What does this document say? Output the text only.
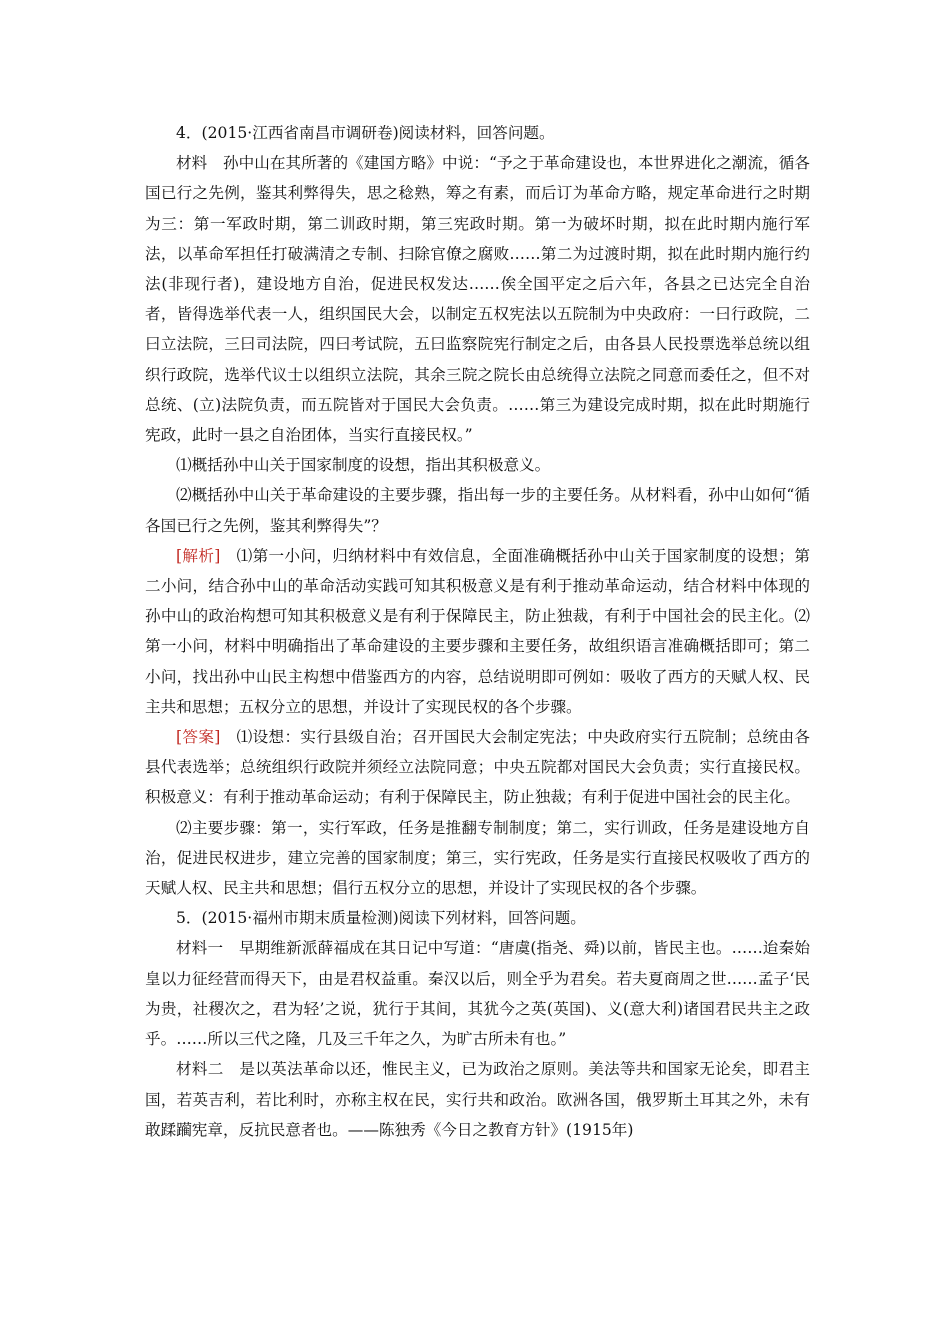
4．(2015·江西省南昌市调研卷)阅读材料，回答问题。

材料　孙中山在其所著的《建国方略》中说：“予之于革命建设也，本世界进化之潮流，循各国已行之先例，鉴其利弊得失，思之稔熟，筹之有素，而后订为革命方略，规定革命进行之时期为三：第一军政时期，第二训政时期，第三宪政时期。第一为破坏时期，拟在此时期内施行军法，以革命军担任打破满清之专制、扫除官僚之腐败……第二为过渡时期，拟在此时期内施行约法(非现行者)，建设地方自治，促进民权发达……俟全国平定之后六年，各县之已达完全自治者，皆得选举代表一人，组织国民大会，以制定五权宪法以五院制为中央政府：一曰行政院，二曰立法院，三曰司法院，四曰考试院，五曰监察院宪行制定之后，由各县人民投票选举总统以组织行政院，选举代议士以组织立法院，其余三院之院长由总统得立法院之同意而委任之，但不对总统、(立)法院负责，而五院皆对于国民大会负责。……第三为建设完成时期，拟在此时期施行宪政，此时一县之自治团体，当实行直接民权。”

⑴概括孙中山关于国家制度的设想，指出其积极意义。

⑵概括孙中山关于革命建设的主要步骤，指出每一步的主要任务。从材料看，孙中山如何“循各国已行之先例，鉴其利弊得失”？

[解析]　⑴第一小问，归纳材料中有效信息，全面准确概括孙中山关于国家制度的设想；第二小问，结合孙中山的革命活动实践可知其积极意义是有利于推动革命运动，结合材料中体现的孙中山的政治构想可知其积极意义是有利于保障民主，防止独裁，有利于中国社会的民主化。⑵第一小问，材料中明确指出了革命建设的主要步骤和主要任务，故组织语言准确概括即可；第二小问，找出孙中山民主构想中借鉴西方的内容，总结说明即可例如：吸收了西方的天赋人权、民主共和思想；五权分立的思想，并设计了实现民权的各个步骤。

[答案]　⑴设想：实行县级自治；召开国民大会制定宪法；中央政府实行五院制；总统由各县代表选举；总统组织行政院并须经立法院同意；中央五院都对国民大会负责；实行直接民权。积极意义：有利于推动革命运动；有利于保障民主，防止独裁；有利于促进中国社会的民主化。

⑵主要步骤：第一，实行军政，任务是推翻专制制度；第二，实行训政，任务是建设地方自治，促进民权进步，建立完善的国家制度；第三，实行宪政，任务是实行直接民权吸收了西方的天赋人权、民主共和思想；倡行五权分立的思想，并设计了实现民权的各个步骤。

5．(2015·福州市期末质量检测)阅读下列材料，回答问题。

材料一　早期维新派薛福成在其日记中写道：“唐虞(指尧、舜)以前，皆民主也。……迨秦始皇以力征经营而得天下，由是君权益重。秦汉以后，则全乎为君矣。若夫夏商周之世……孟子‘民为贵，社稷次之，君为轻’之说，犹行于其间，其犹今之英(英国)、义(意大利)诸国君民共主之政乎。……所以三代之隆，几及三千年之久，为旷古所未有也。”

材料二　是以英法革命以还，惟民主义，已为政治之原则。美法等共和国家无论矣，即君主国，若英吉利，若比利时，亦称主权在民，实行共和政治。欧洲各国，俄罗斯土耳其之外，未有敢蹂躏宪章，反抗民意者也。——陈独秀《今日之教育方针》(1915年)
